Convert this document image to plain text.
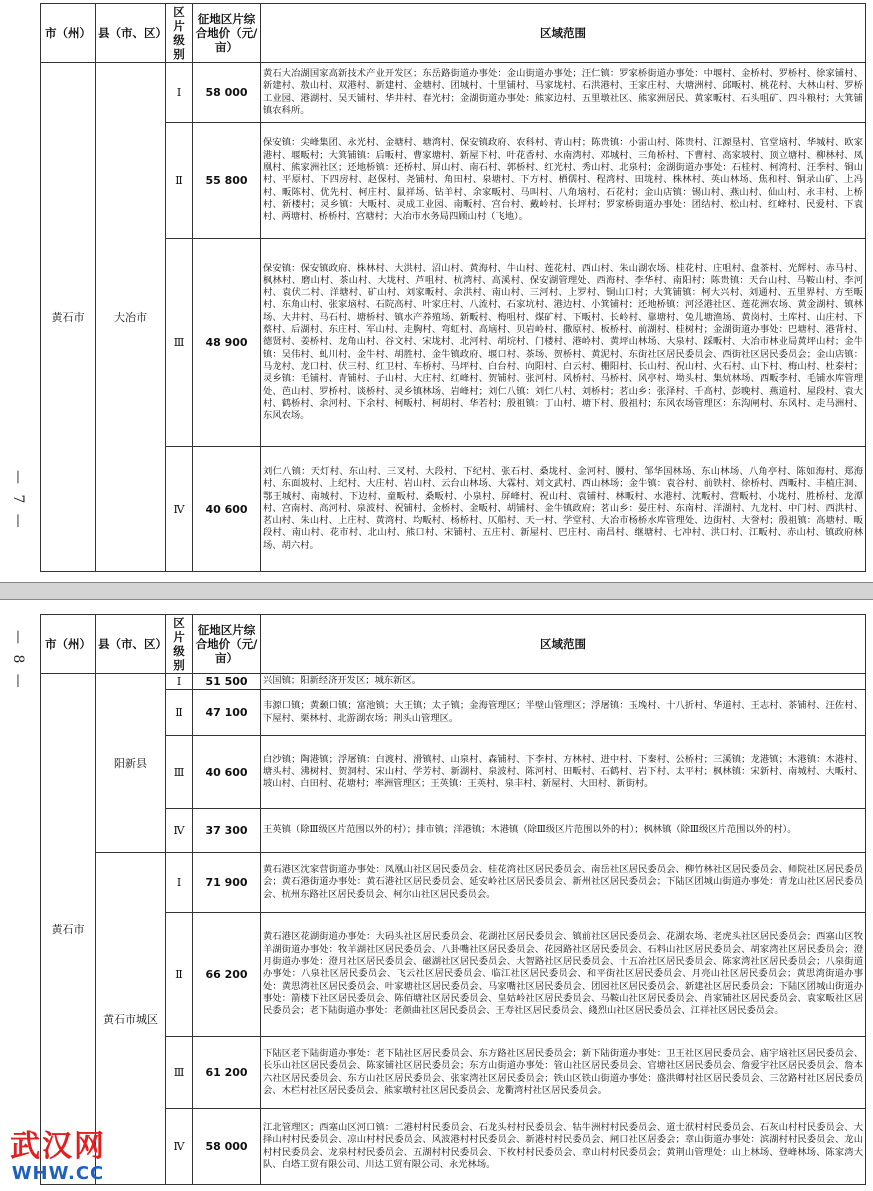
— 7 —
市（州）	县（市、区）	区片级别	征地区片综合地价（元/亩）	区域范围
黄石市	大冶市	Ⅰ	58 000	黄石大冶湖国家高新技术产业开发区；东岳路街道办事处：金山街道办事处；汪仁镇：罗家桥街道办事处：中堰村、金桥村、罗桥村、徐家铺村、新建村、敖山村、双港村、新建村、金塘村、团城村、十里铺村、马家垅村、石洪港村、王家庄村、大塘洲村、邱畈村、桃花村、大林山村、罗桥工业园、港湖村、吴天铺村、华井村、春光村；金湖街道办事处：熊家边村、五里墩社区、熊家洲居民、黄家畈村、石头咀矿、四斗粮村；大箕铺镇农科所。
		Ⅱ	55 800	保安镇：尖峰集团、永光村、金塘村、塘湾村、保安镇政府、农科村、青山村；陈贵镇：小雷山村、陈贵村、江源垦村、官堂垴村、华城村、欧家港村、堰畈村；大箕铺镇：后畈村、曹家塘村、新屋下村、叶花香村、水南湾村、邓城村、三角桥村、下曹村、高家坡村、顶立塘村、柳林村、凤凰村、熊家洲社区；还地桥镇：还桥村、屏山村、南石村、郭桥村、红光村、秀山村、北泉村；金湖街道办事处：石桂村、柯湾村、汪季村、铜山村、平原村、下四房村、赵保村、尧铺村、角田村、泉塘村、下方村、栖儒村、程湾村、田垅村、株林村、英山林场、焦和村、铜录山矿、上冯村、畈陈村、优先村、柯庄村、鼠祥场、钻羊村、余家畈村、马叫村、八角垴村、石花村；金山店镇：锡山村、燕山村、仙山村、永丰村、上桥村、新楼村；灵乡镇：大畈村、灵成工业园、南畈村、宫台村、戴岭村、长坪村；罗家桥街道办事处：团结村、松山村、红峰村、民爱村、下袁村、两塘村、桥桥村、宫塘村；大冶市水务局四顾山村（飞地）。
		Ⅲ	48 900	保安镇：保安镇政府、株林村、大洪村、沼山村、黄海村、牛山村、莲花村、西山村、朱山湖农场、桂花村、庄咀村、盘茶村、光辉村、赤马村、枫林村、磨山村、茶山村、大垅村、芦咀村、杭湾村、高溪村、保安湖管理处、西海村、李华村、南阳村；陈贵镇：天台山村、马鞍山村、李河村、袁伏二村、洋塘村、矿山村、刘家畈村、余洪村、南山村、三河村、上罗村、铜山口村；大箕铺镇：柯大兴村、刘通村、五里界村、方至畈村、东角山村、张家垴村、石院高村、叶家庄村、八流村、石家坑村、港边村、小箕铺村；还地桥镇：河泾港社区、莲花洲农场、黄金湖村、镇林场、大井村、马石村、塘桥村、镇水产养殖场、新畈村、梅咀村、煤矿村、下畈村、长岭村、靠塘村、兔儿塘渔场、黄岗村、土库村、山庄村、下蔡村、后湖村、东庄村、军山村、走胸村、弯虹村、高垴村、贝岩岭村、撒原村、板桥村、前湖村、桂树村；金湖街道办事处：巴塘村、港背村、德贤村、姜桥村、龙角山村、谷文村、宋垅村、北河村、胡垸村、门楼村、港岭村、黄坪山林场、大泉村、踩畈村、大冶市林业局黄坪山村；金牛镇：吴伟村、虬川村、金牛村、胡胜村、金牛镇政府、堰口村、茶场、贺桥村、黄泥村、东街社区居民委员会、西街社区居民委员会；金山店镇：马龙村、龙口村、伏三村、红卫村、车桥村、马坪村、白台村、向阳村、白云村、栅阳村、长山村、祝山村、火石村、山下村、梅山村、杜泰村；灵乡镇：毛铺村、青铺村、子山村、大庄村、红峰村、贺铺村、张河村、风桥村、马桥村、风亭村、坳头村、集炕林场、西畈李村、毛铺水库管理处、芭山村、罗桥村、谈桥村、灵乡镇林场、岩峰村；刘仁八镇：刘仁八村、刘桥村；茗山乡：张泽村、千高村、彭晚村、燕道村、屋段村、袁大村、鹤桥村、余河村、下余村、柯畈村、柯胡村、华若村；殷祖镇：丁山村、塘下村、殷祖村；东风农场管理区：东沟闸村、东风村、走马洲村、东风农场。
		Ⅳ	40 600	刘仁八镇：天灯村、东山村、三叉村、大段村、下纪村、张石村、桑垅村、金河村、腰村、邹华国林场、东山林场、八角亭村、陈如海村、郑海村、东面坡村、上纪村、大庄村、岩山村、云台山林场、大霖村、刘文武村、西山林场；金牛镇：袁谷村、前铁村、徐桥村、西畈村、丰植庄洞、鄂王城村、南城村、下边村、童畈村、桑畈村、小泉村、屏峰村、祝山村、袁铺村、林畈村、水港村、沈畈村、营畈村、小垅村、胜桥村、龙潭村、宫南村、高河村、泉波村、祝铺村、金桥村、金畈村、胡铺村、金牛镇政府；茗山乡：晏庄村、东南村、洋湖村、九龙村、中门村、西洪村、茗山村、朱山村、上庄村、黄湾村、均畈村、杨桥村、仄船村、天一村、学堂村、大冶市杨桥水库管理处、边街村、大誉村；殷祖镇：高塘村、畈段村、南山村、花市村、北山村、熊口村、宋铺村、五庄村、新屋村、巴庄村、南昌村、继塘村、七冲村、洪口村、江畈村、赤山村、镇政府林场、胡六村。
— 8 — 市（州）	县（市、区）	区片级别	征地区片综合地价（元/亩）	区域范围
黄石市	阳新县	Ⅰ	51 500	兴国镇；阳新经济开发区；城东新区。
		Ⅱ	47 100	韦源口镇；黄颡口镇；富池镇；大王镇；太子镇；金海管理区；半壁山管理区；浮屠镇：玉堍村、十八折村、华道村、王志村、茶铺村、汪佐村、下屋村、栗林村、北游湖农场；荆头山管理区。
		Ⅲ	40 600	白沙镇；陶港镇；浮屠镇：白渡村、滑镇村、山泉村、森铺村、下李村、方林村、进中村、下秦村、公桥村；三溪镇；龙港镇；木港镇：木港村、塘头村、沸树村、贺洞村、宋山村、学芳村、新湖村、泉波村、陈河村、田畈村、石鹤村、岩下村、太平村；枫林镇：宋新村、南城村、大畈村、坡山村、白田村、花塘村；率洲管理区；王英镇：王英村、泉丰村、新屋村、大田村、新街村。
		Ⅳ	37 300	王英镇（除Ⅲ级区片范围以外的村）；排市镇；洋港镇；木港镇（除Ⅲ级区片范围以外的村）；枫林镇（除Ⅲ级区片范围以外的村）。
	黄石市城区	Ⅰ	71 900	黄石港区沈家营街道办事处：凤凰山社区居民委员会、桂花湾社区居民委员会、南岳社区居民委员会、柳竹林社区居民委员会、师院社区居民委员会；黄石港街道办事处：黄石港社区居民委员会、延安岭社区居民委员会、新州社区居民委员会；下陆区团城山街道办事处：青龙山社区居民委员会、杭州东路社区居民委员会、柯尔山社区居民委员会。
		Ⅱ	66 200	黄石港区花湖街道办事处：大码头社区居民委员会、花湖社区居民委员会、镇前社区居民委员会、花湖农场、老虎头社区居民委员会；西塞山区牧羊湖街道办事处：牧羊湖社区居民委员会、八卦嘴社区居民委员会、花园路社区居民委员会、石料山社区居民委员会、胡家湾社区居民委员会；澄月街道办事处：澄月社区居民委员会、磁湖社区居民委员会、大智路社区居民委员会、十五冶社区居民委员会、陈家湾社区居民委员会；八泉街道办事处：八泉社区居民委员会、飞云社区居民委员会、临江社区居民委员会、和平街社区居民委员会、月亮山社区居民委员会；黄思湾街道办事处：黄思湾社区居民委员会、叶家塘社区居民委员会、马家嘴社区居民委员会、团园社区居民委员会、新建社区居民委员会；下陆区团城山街道办事处：箭楼下社区居民委员会、陈佰塘社区居民委员会、皇姑岭社区居民委员会、马鞍山社区居民委员会、肖家铺社区居民委员会、袁家畈社区居民委员会；老下陆街道办事处：老颜曲社区居民委员会、王寿社区居民委员会、綫烈山社区居民委员会、江祥社区居民委员会。
		Ⅲ	61 200	下陆区老下陆街道办事处：老下陆社区居民委员会、东方路社区居民委员会；新下陆街道办事处：卫王社区居民委员会、庙宇垴社区居民委员会、长乐山社区居民委员会、陈家铺社区居民委员会；东方山街道办事处：管山社区居民委员会、官塘社区居民委员会、詹爱宇社区居民委员会、詹本六社区居民委员会、东方山社区居民委员会、张家湾社区居民委员会；铁山区铁山街道办事处：盛洪卿村社区居民委员会、三岔路村社区居民委员会、木栏村社区居民委员会、熊家墩村社区居民委员会、龙衢湾村社区居民委员会。
		Ⅳ	58 000	江北管理区；西塞山区河口镇：二港村村民委员会、石龙头村村民委员会、牯牛洲村村民委员会、道士洑村村民委员会、石灰山村村民委员会、大择山村村民委员会、凉山村村民委员会、风波港村村民委员会、新港村村民委员会、闸口社区居委会；章山街道办事处：滨湖村村民委员会、龙山村村民委员会、龙泉村村民委员会、五湖村村民委员会、下枚村村民委员会、章山村村民委员会；黄荆山管理处：山上林场、登峰林场、陈家湾大队、白塔工贸有限公司、川达工贸有限公司、永光林场。
武汉网
WHW.CC
